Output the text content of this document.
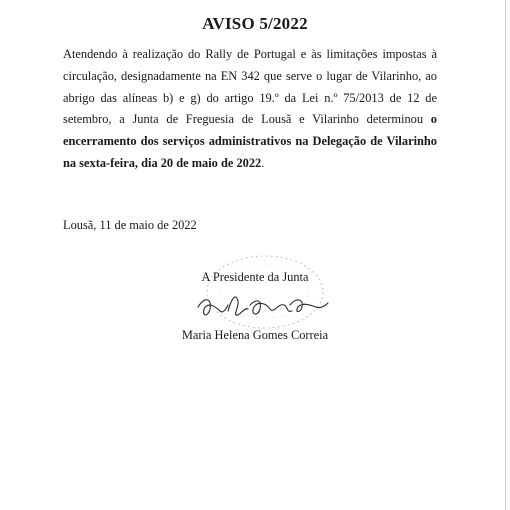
AVISO 5/2022
Atendendo à realização do Rally de Portugal e às limitações impostas à circulação, designadamente na EN 342 que serve o lugar de Vilarinho, ao abrigo das alíneas b) e g) do artigo 19.º da Lei n.º 75/2013 de 12 de setembro, a Junta de Freguesia de Lousã e Vilarinho determinou o encerramento dos serviços administrativos na Delegação de Vilarinho na sexta-feira, dia 20 de maio de 2022.
Lousã, 11 de maio de 2022
A Presidente da Junta
Maria Helena Gomes Correia
